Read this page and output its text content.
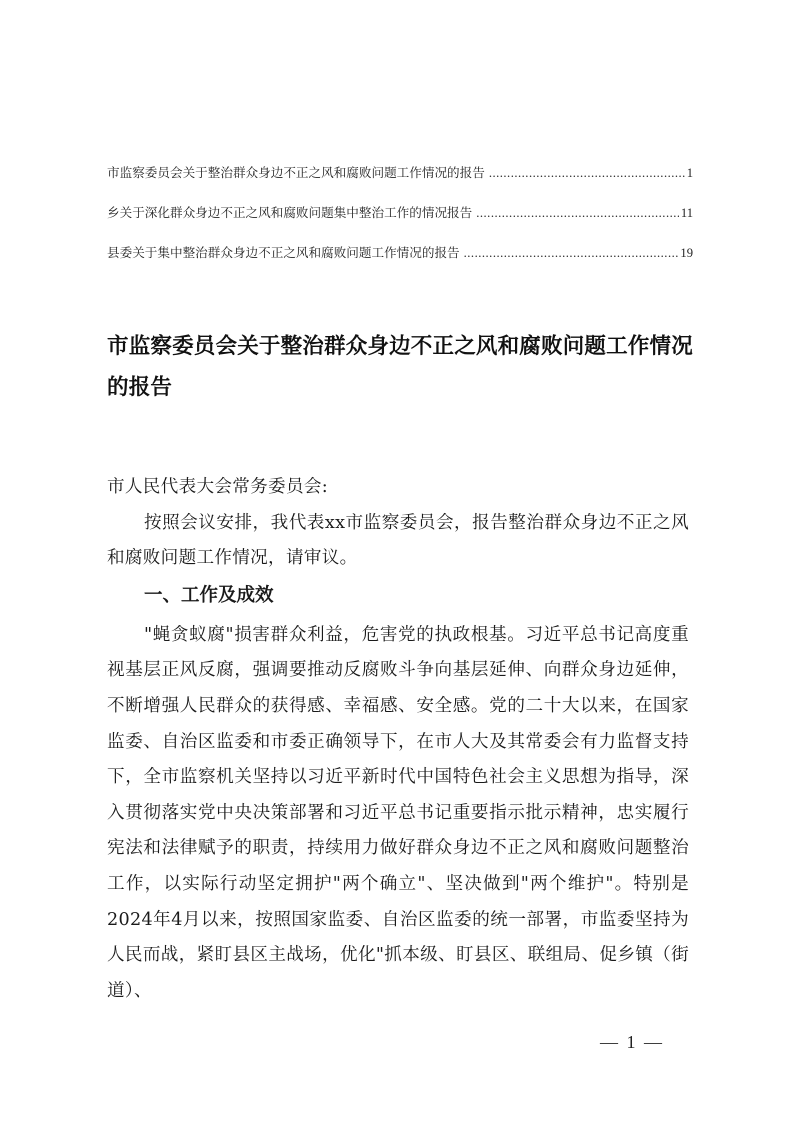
市监察委员会关于整治群众身边不正之风和腐败问题工作情况的报告 .....	1
乡关于深化群众身边不正之风和腐败问题集中整治工作的情况报告 .....	11
县委关于集中整治群众身边不正之风和腐败问题工作情况的报告 .....	19
市监察委员会关于整治群众身边不正之风和腐败问题工作情况
的报告

市人民代表大会常务委员会:

按照会议安排，我代表xx市监察委员会，报告整治群众身边不正之风和腐败问题工作情况，请审议。

一、工作及成效

"蝇贪蚁腐"损害群众利益，危害党的执政根基。习近平总书记高度重视基层正风反腐，强调要推动反腐败斗争向基层延伸、向群众身边延伸，不断增强人民群众的获得感、幸福感、安全感。党的二十大以来，在国家监委、自治区监委和市委正确领导下，在市人大及其常委会有力监督支持下，全市监察机关坚持以习近平新时代中国特色社会主义思想为指导，深入贯彻落实党中央决策部署和习近平总书记重要指示批示精神，忠实履行宪法和法律赋予的职责，持续用力做好群众身边不正之风和腐败问题整治工作，以实际行动坚定拥护"两个确立"、坚决做到"两个维护"。特别是2024年4月以来，按照国家监委、自治区监委的统一部署，市监委坚持为人民而战，紧盯县区主战场，优化"抓本级、盯县区、联组局、促乡镇（街道）、

— 1 —
